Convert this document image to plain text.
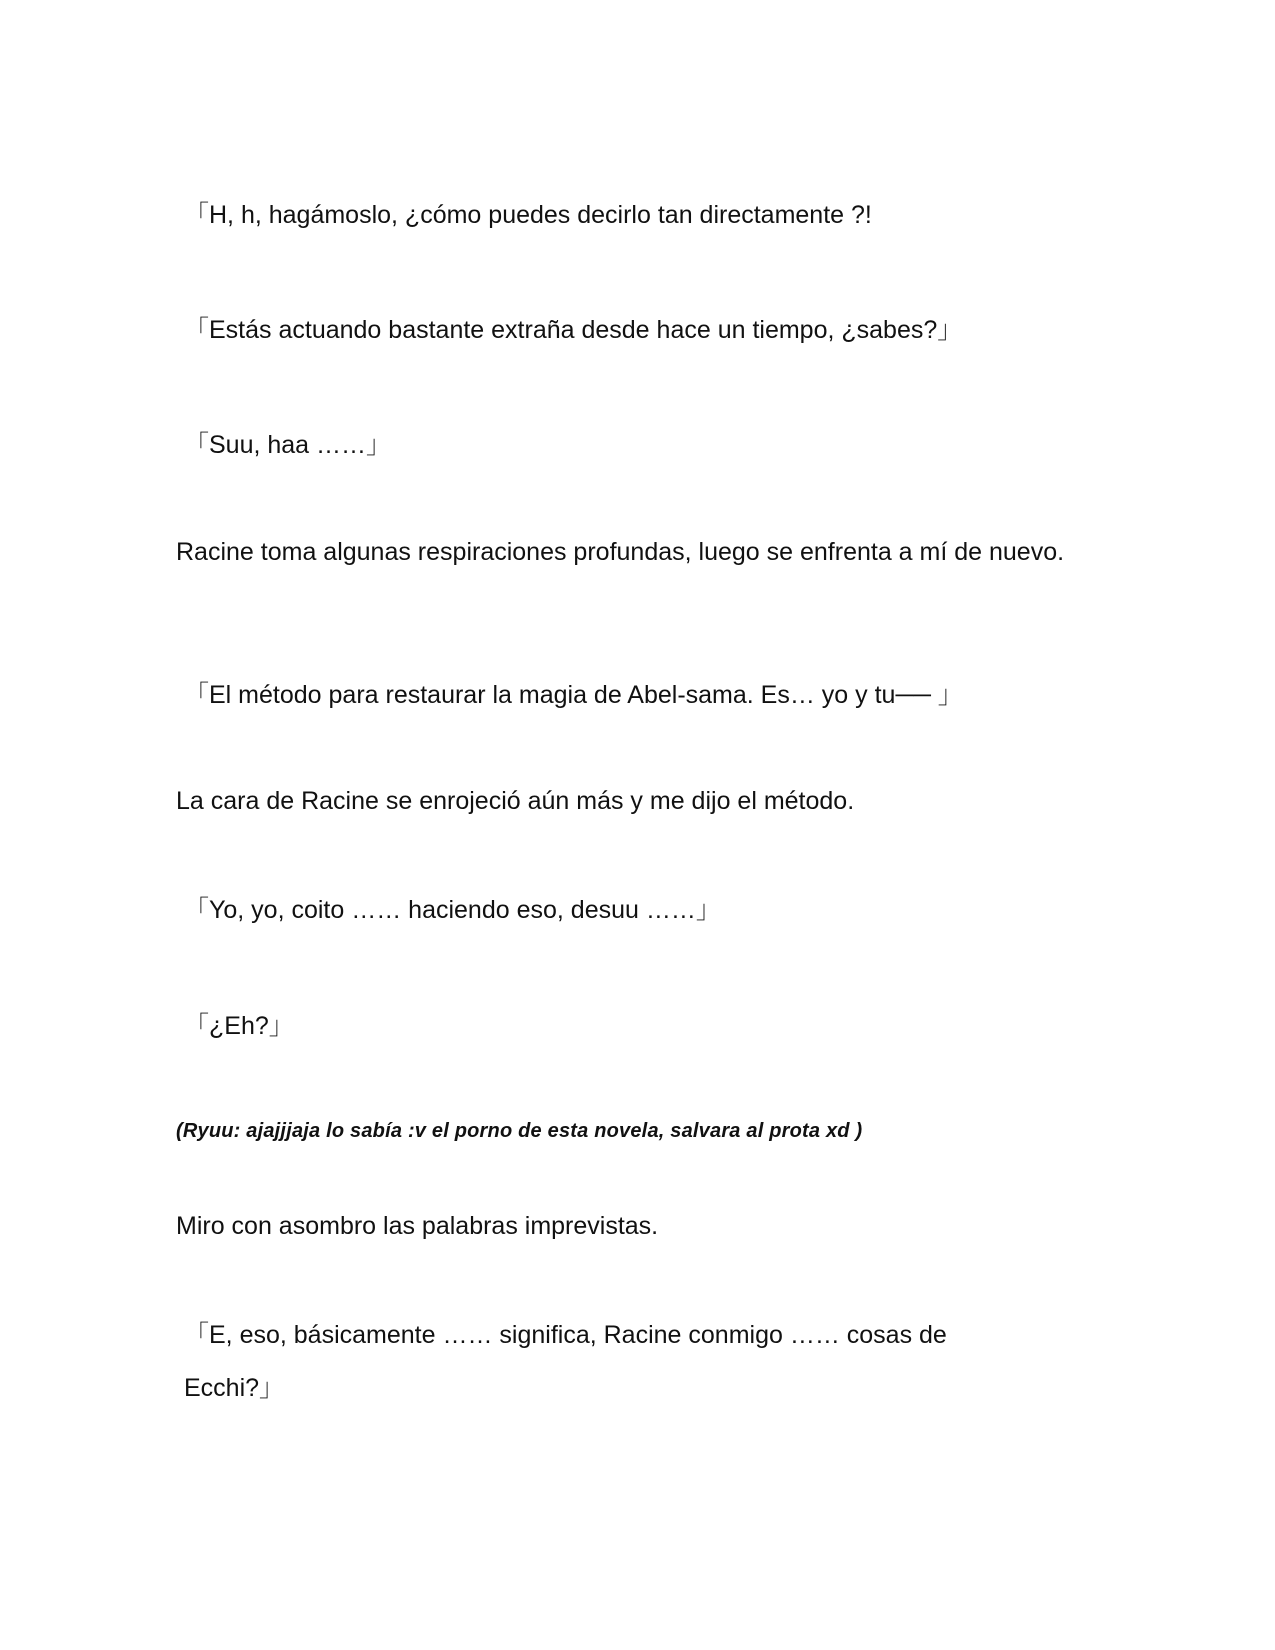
「H, h, hagámoslo, ¿cómo puedes decirlo tan directamente ?!

「Estás actuando bastante extraña desde hace un tiempo, ¿sabes?」

「Suu, haa ……」

Racine toma algunas respiraciones profundas, luego se enfrenta a mí de nuevo.

「El método para restaurar la magia de Abel-sama. Es… yo y tu── 」

La cara de Racine se enrojeció aún más y me dijo el método.

「Yo, yo, coito …… haciendo eso, desuu ……」

「¿Eh?」

(Ryuu: ajajjjaja lo sabía :v el porno de esta novela, salvara al prota xd )

Miro con asombro las palabras imprevistas.

「E, eso, básicamente …… significa, Racine conmigo …… cosas de Ecchi?」
